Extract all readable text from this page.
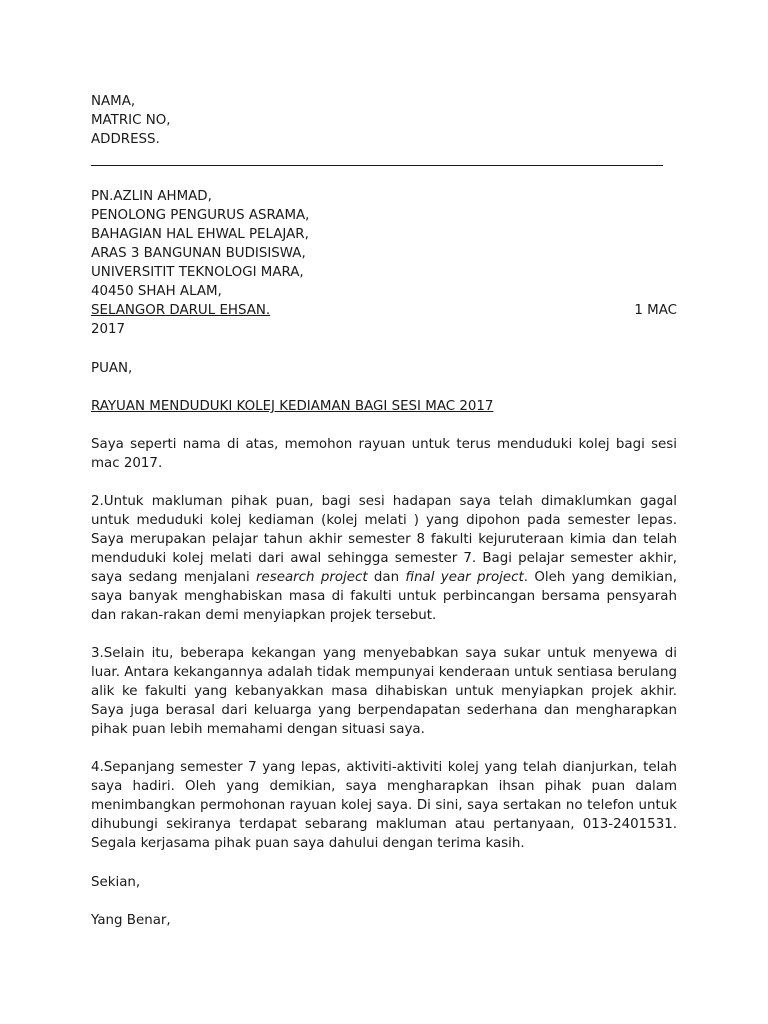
NAMA,
MATRIC NO,
ADDRESS.
PN.AZLIN AHMAD,
PENOLONG PENGURUS ASRAMA,
BAHAGIAN HAL EHWAL PELAJAR,
ARAS 3 BANGUNAN BUDISISWA,
UNIVERSITIT TEKNOLOGI MARA,
40450 SHAH ALAM,
SELANGOR DARUL EHSAN.	1 MAC
2017
PUAN,
RAYUAN MENDUDUKI KOLEJ KEDIAMAN BAGI SESI MAC 2017
Saya seperti nama di atas, memohon rayuan untuk terus menduduki kolej bagi sesi mac 2017.
2.Untuk makluman pihak puan, bagi sesi hadapan saya telah dimaklumkan gagal untuk meduduki kolej kediaman (kolej melati ) yang dipohon pada semester lepas. Saya merupakan pelajar tahun akhir semester 8 fakulti kejuruteraan kimia dan telah menduduki kolej melati dari awal sehingga semester 7. Bagi pelajar semester akhir, saya sedang menjalani research project dan final year project. Oleh yang demikian, saya banyak menghabiskan masa di fakulti untuk perbincangan bersama pensyarah dan rakan-rakan demi menyiapkan projek tersebut.
3.Selain itu, beberapa kekangan yang menyebabkan saya sukar untuk menyewa di luar. Antara kekangannya adalah tidak mempunyai kenderaan untuk sentiasa berulang alik ke fakulti yang kebanyakkan masa dihabiskan untuk menyiapkan projek akhir. Saya juga berasal dari keluarga yang berpendapatan sederhana dan mengharapkan pihak puan lebih memahami dengan situasi saya.
4.Sepanjang semester 7 yang lepas, aktiviti-aktiviti kolej yang telah dianjurkan, telah saya hadiri. Oleh yang demikian, saya mengharapkan ihsan pihak puan dalam menimbangkan permohonan rayuan kolej saya. Di sini, saya sertakan no telefon untuk dihubungi sekiranya terdapat sebarang makluman atau pertanyaan, 013-2401531. Segala kerjasama pihak puan saya dahului dengan terima kasih.
Sekian,
Yang Benar,
